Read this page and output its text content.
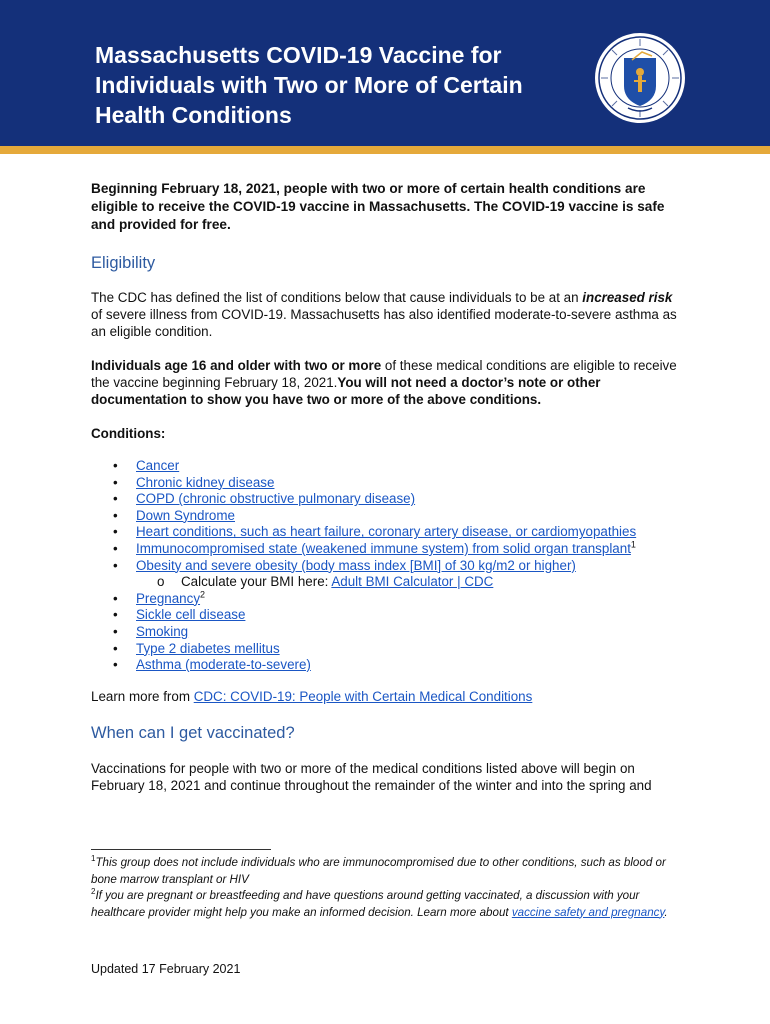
Massachusetts COVID-19 Vaccine for Individuals with Two or More of Certain Health Conditions
Beginning February 18, 2021, people with two or more of certain health conditions are eligible to receive the COVID-19 vaccine in Massachusetts. The COVID-19 vaccine is safe and provided for free.
Eligibility
The CDC has defined the list of conditions below that cause individuals to be at an increased risk of severe illness from COVID-19. Massachusetts has also identified moderate-to-severe asthma as an eligible condition.
Individuals age 16 and older with two or more of these medical conditions are eligible to receive the vaccine beginning February 18, 2021.You will not need a doctor’s note or other documentation to show you have two or more of the above conditions.
Conditions:
• Cancer
• Chronic kidney disease
• COPD (chronic obstructive pulmonary disease)
• Down Syndrome
• Heart conditions, such as heart failure, coronary artery disease, or cardiomyopathies
• Immunocompromised state (weakened immune system) from solid organ transplant$^1$
• Obesity and severe obesity (body mass index [BMI] of 30 kg/m2 or higher)
o Calculate your BMI here: Adult BMI Calculator | CDC
• Pregnancy$^2$
• Sickle cell disease
• Smoking
• Type 2 diabetes mellitus
• Asthma (moderate-to-severe)
Learn more from CDC: COVID-19: People with Certain Medical Conditions
When can I get vaccinated?
Vaccinations for people with two or more of the medical conditions listed above will begin on February 18, 2021 and continue throughout the remainder of the winter and into the spring and

$^1$This group does not include individuals who are immunocompromised due to other conditions, such as blood or bone marrow transplant or HIV

$^2$If you are pregnant or breastfeeding and have questions around getting vaccinated, a discussion with your healthcare provider might help you make an informed decision. Learn more about vaccine safety and pregnancy.

Updated 17 February 2021
